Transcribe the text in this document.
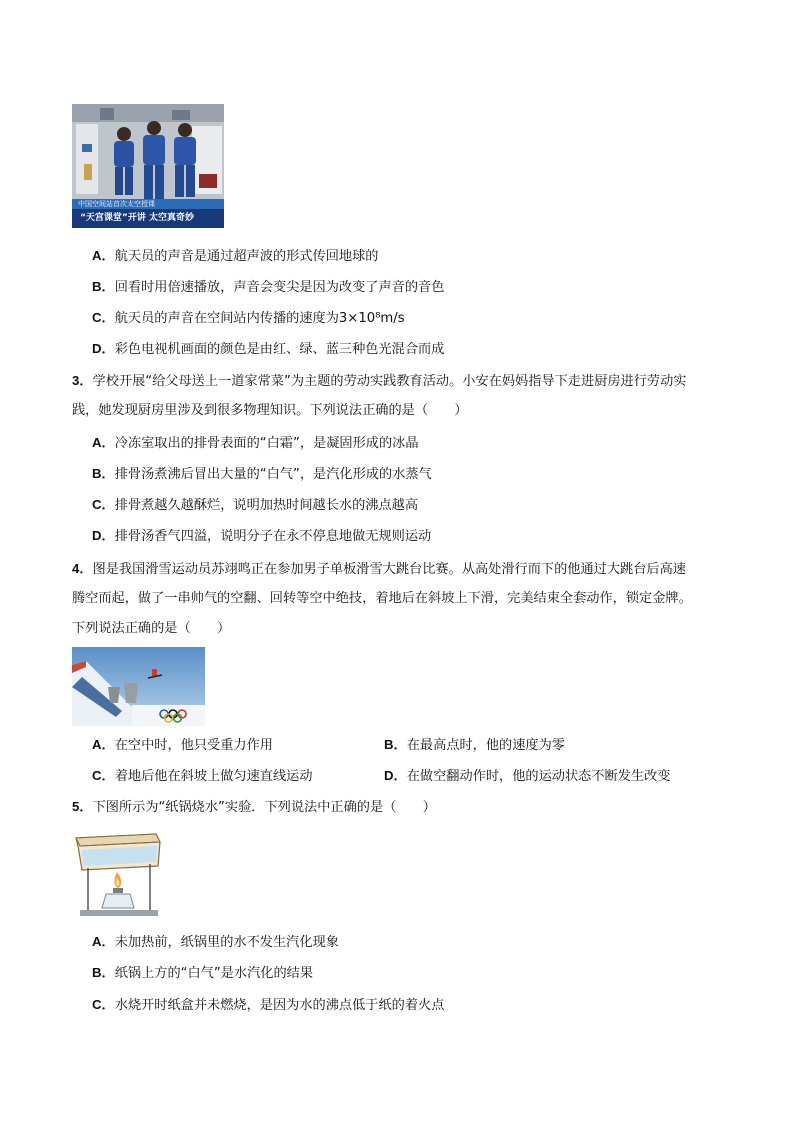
中国空间站首次太空授课
“天宫课堂”开讲 太空真奇妙
A．航天员的声音是通过超声波的形式传回地球的
B．回看时用倍速播放，声音会变尖是因为改变了声音的音色
C．航天员的声音在空间站内传播的速度为3×10⁸m/s
D．彩色电视机画面的颜色是由红、绿、蓝三种色光混合而成
3．学校开展“给父母送上一道家常菜”为主题的劳动实践教育活动。小安在妈妈指导下走进厨房进行劳动实
践，她发现厨房里涉及到很多物理知识。下列说法正确的是（　　）
A．冷冻室取出的排骨表面的“白霜”，是凝固形成的冰晶
B．排骨汤煮沸后冒出大量的“白气”，是汽化形成的水蒸气
C．排骨煮越久越酥烂，说明加热时间越长水的沸点越高
D．排骨汤香气四溢，说明分子在永不停息地做无规则运动
4．图是我国滑雪运动员苏翊鸣正在参加男子单板滑雪大跳台比赛。从高处滑行而下的他通过大跳台后高速
腾空而起，做了一串帅气的空翻、回转等空中绝技，着地后在斜坡上下滑，完美结束全套动作，锁定金牌。
下列说法正确的是（　　）
A．在空中时，他只受重力作用	B．在最高点时，他的速度为零
C．着地后他在斜坡上做匀速直线运动	D．在做空翻动作时，他的运动状态不断发生改变
5．下图所示为“纸锅烧水”实验．下列说法中正确的是（　　）
A．未加热前，纸锅里的水不发生汽化现象
B．纸锅上方的“白气”是水汽化的结果
C．水烧开时纸盒并未燃烧，是因为水的沸点低于纸的着火点
